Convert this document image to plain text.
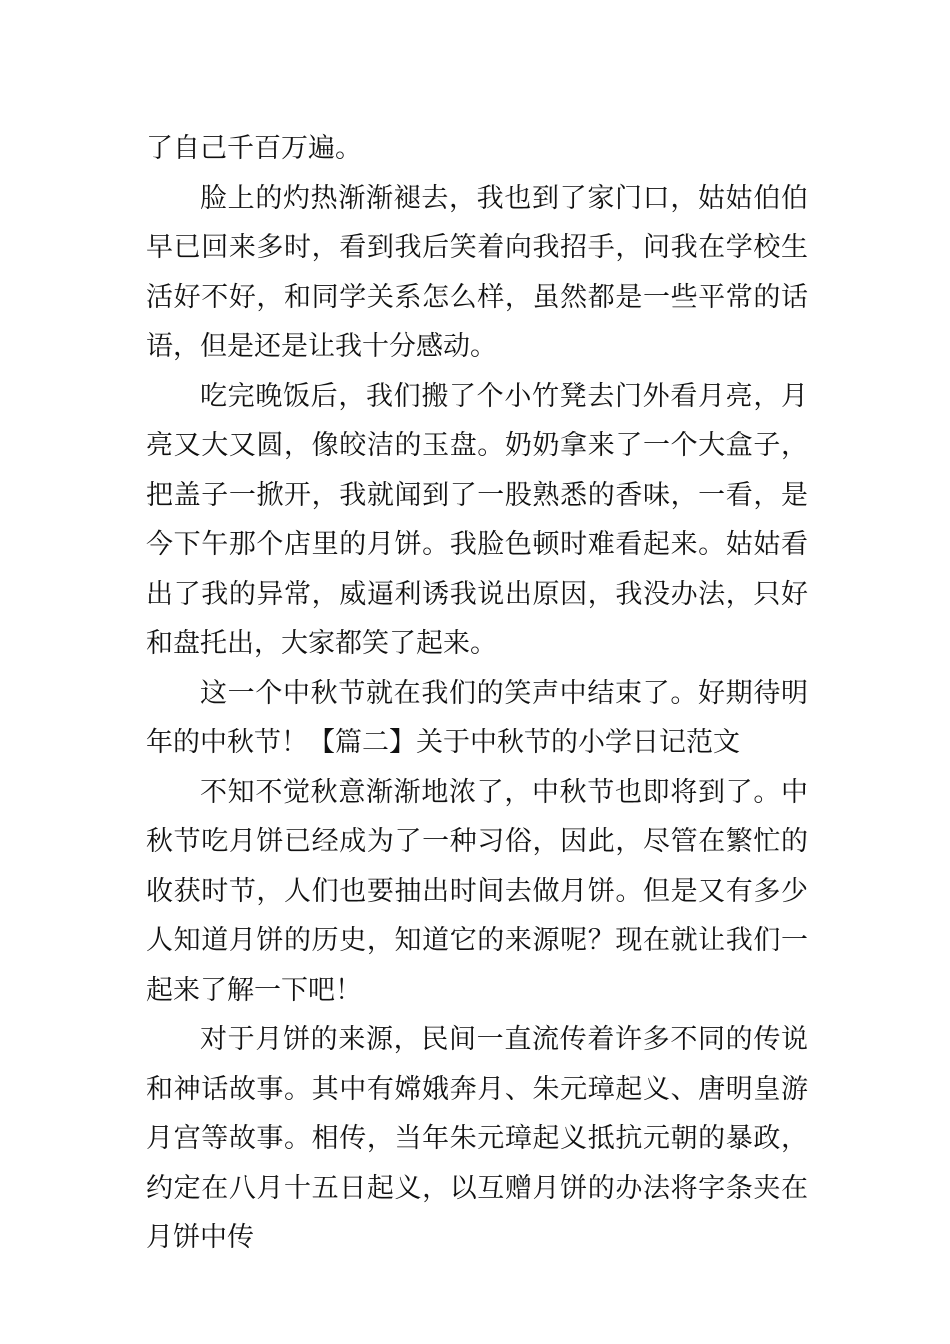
了自己千百万遍。

脸上的灼热渐渐褪去，我也到了家门口，姑姑伯伯早已回来多时，看到我后笑着向我招手，问我在学校生活好不好，和同学关系怎么样，虽然都是一些平常的话语，但是还是让我十分感动。

吃完晚饭后，我们搬了个小竹凳去门外看月亮，月亮又大又圆，像皎洁的玉盘。奶奶拿来了一个大盒子，把盖子一掀开，我就闻到了一股熟悉的香味，一看，是今下午那个店里的月饼。我脸色顿时难看起来。姑姑看出了我的异常，威逼利诱我说出原因，我没办法，只好和盘托出，大家都笑了起来。

这一个中秋节就在我们的笑声中结束了。好期待明年的中秋节！【篇二】关于中秋节的小学日记范文

不知不觉秋意渐渐地浓了，中秋节也即将到了。中秋节吃月饼已经成为了一种习俗，因此，尽管在繁忙的收获时节，人们也要抽出时间去做月饼。但是又有多少人知道月饼的历史，知道它的来源呢？现在就让我们一起来了解一下吧！

对于月饼的来源，民间一直流传着许多不同的传说和神话故事。其中有嫦娥奔月、朱元璋起义、唐明皇游月宫等故事。相传，当年朱元璋起义抵抗元朝的暴政，约定在八月十五日起义，以互赠月饼的办法将字条夹在月饼中传
